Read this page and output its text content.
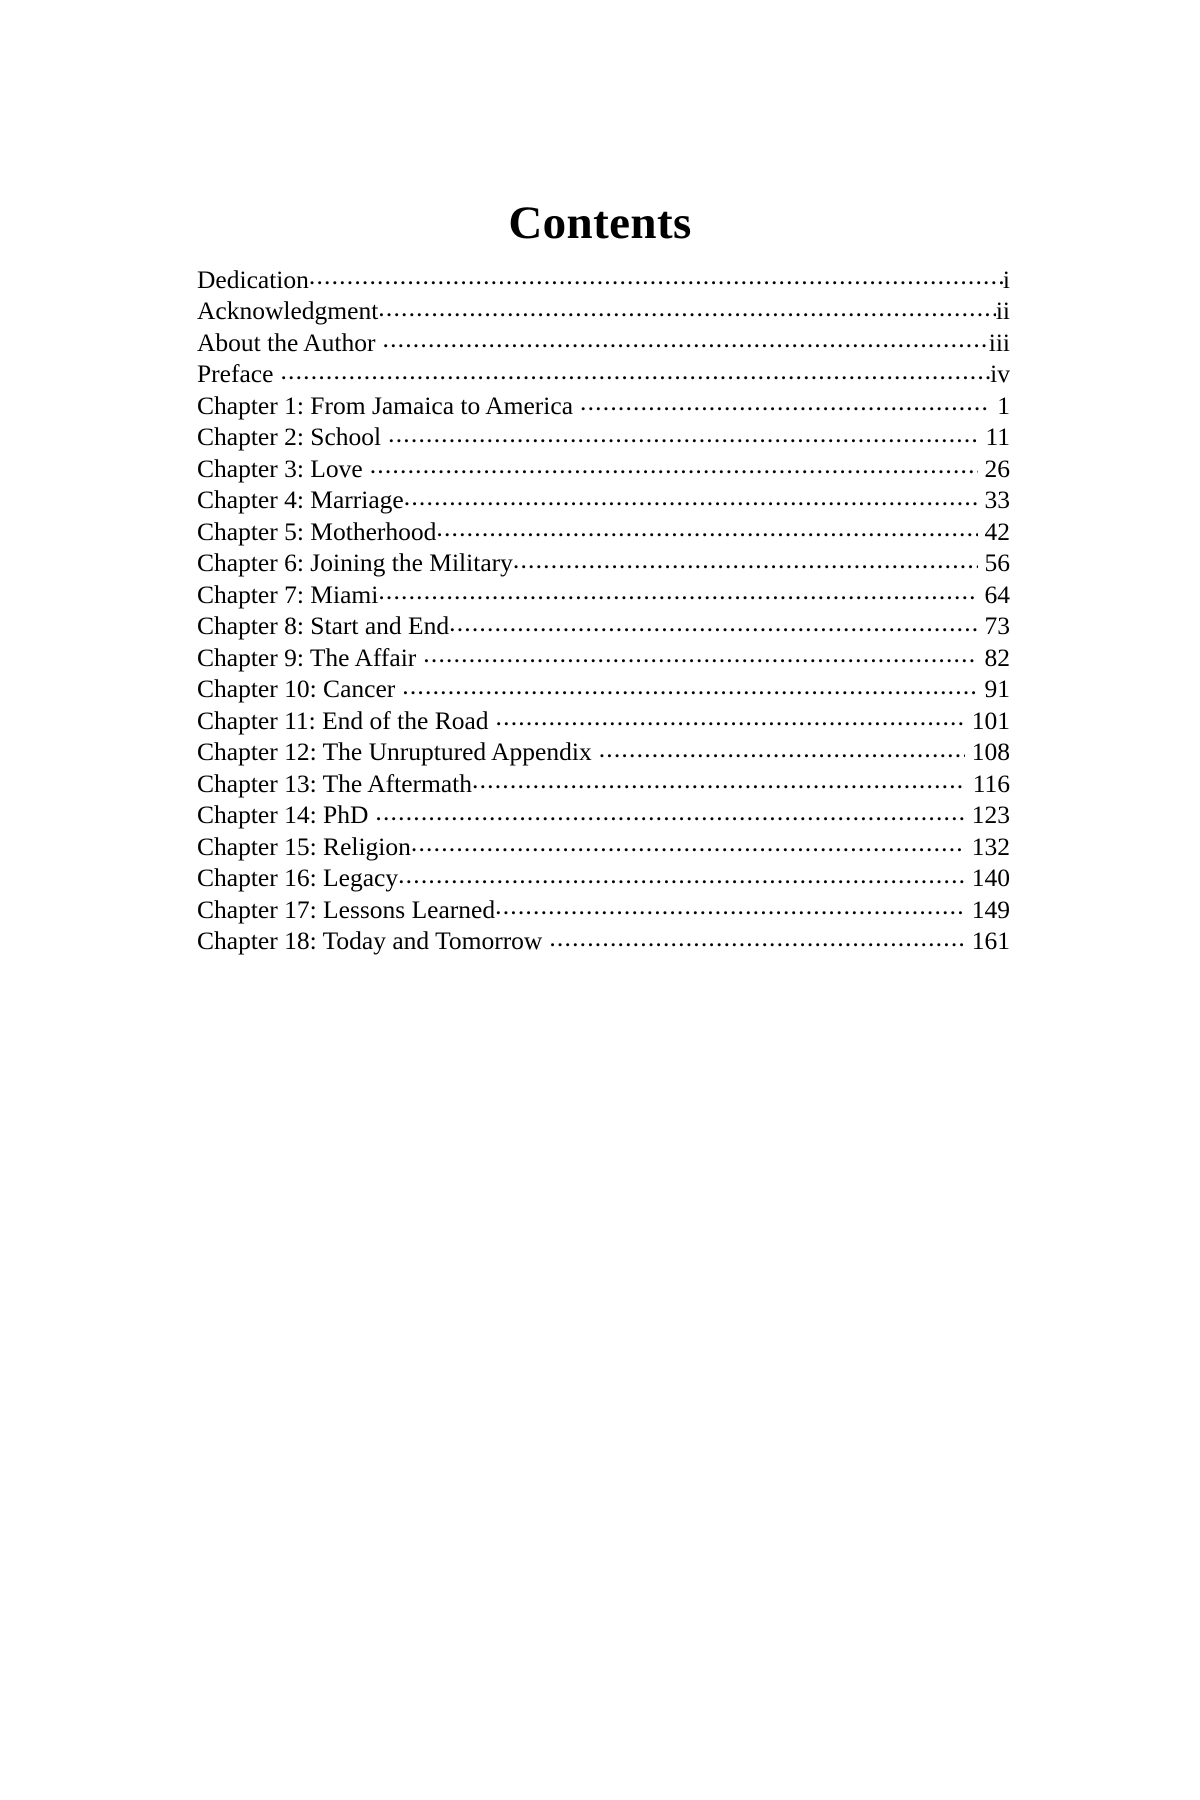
Contents
Dedication .....	i
Acknowledgment .....	ii
About the Author .....	iii
Preface .....	iv
Chapter 1: From Jamaica to America .....	1
Chapter 2: School .....	11
Chapter 3: Love .....	26
Chapter 4: Marriage .....	33
Chapter 5: Motherhood .....	42
Chapter 6: Joining the Military .....	56
Chapter 7: Miami .....	64
Chapter 8: Start and End .....	73
Chapter 9: The Affair .....	82
Chapter 10: Cancer .....	91
Chapter 11: End of the Road .....	101
Chapter 12: The Unruptured Appendix .....	108
Chapter 13: The Aftermath .....	116
Chapter 14: PhD .....	123
Chapter 15: Religion .....	132
Chapter 16: Legacy .....	140
Chapter 17: Lessons Learned .....	149
Chapter 18: Today and Tomorrow .....	161
